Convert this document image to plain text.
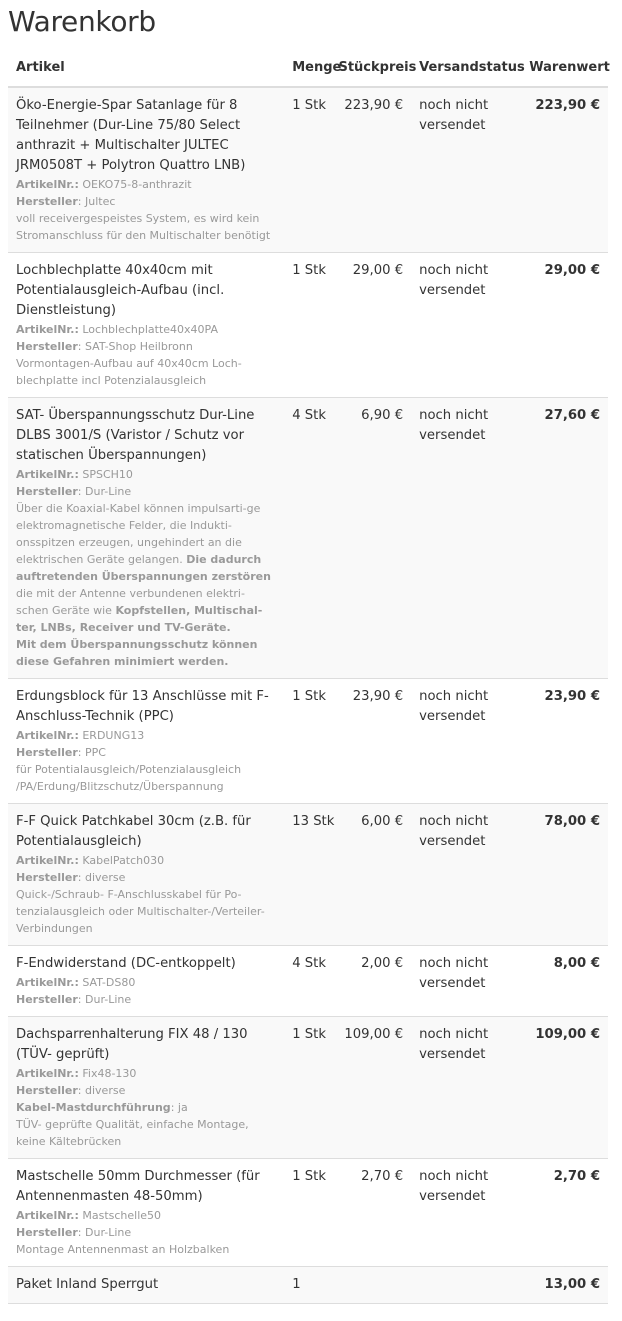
Warenkorb
Artikel	Menge	Stückpreis	Versandstatus	Warenwert

Öko-Energie-Spar Satanlage für 8 Teilnehmer (Dur-Line 75/80 Select anthrazit + Multischalter JULTEC JRM0508T + Polytron Quattro LNB)
ArtikelNr.: OEKO75-8-anthrazit
Hersteller: Jultec
voll receivergespeistes System, es wird kein Stromanschluss für den Multischalter benötigt	1 Stk	223,90 €	noch nicht versendet	223,90 €

Lochblechplatte 40x40cm mit Potentialausgleich-Aufbau (incl. Dienstleistung)
ArtikelNr.: Lochblechplatte40x40PA
Hersteller: SAT-Shop Heilbronn
Vormontagen-Aufbau auf 40x40cm Loch-blechplatte incl Potenzialausgleich	1 Stk	29,00 €	noch nicht versendet	29,00 €

SAT- Überspannungsschutz Dur-Line DLBS 3001/S (Varistor / Schutz vor statischen Überspannungen)
ArtikelNr.: SPSCH10
Hersteller: Dur-Line
Über die Koaxial-Kabel können impulsarti-ge elektromagnetische Felder, die Indukti-onsspitzen erzeugen, ungehindert an die elektrischen Geräte gelangen. Die dadurch auftretenden Überspannungen zerstören die mit der Antenne verbundenen elektri-schen Geräte wie Kopfstellen, Multischal-ter, LNBs, Receiver und TV-Geräte.
Mit dem Überspannungsschutz können diese Gefahren minimiert werden.	4 Stk	6,90 €	noch nicht versendet	27,60 €

Erdungsblock für 13 Anschlüsse mit F-Anschluss-Technik (PPC)
ArtikelNr.: ERDUNG13
Hersteller: PPC
für Potentialausgleich/Potenzialausgleich /PA/Erdung/Blitzschutz/Überspannung	1 Stk	23,90 €	noch nicht versendet	23,90 €

F-F Quick Patchkabel 30cm (z.B. für Potentialausgleich)
ArtikelNr.: KabelPatch030
Hersteller: diverse
Quick-/Schraub- F-Anschlusskabel für Po-tenzialausgleich oder Multischalter-/Verteiler-Verbindungen	13 Stk	6,00 €	noch nicht versendet	78,00 €

F-Endwiderstand (DC-entkoppelt)
ArtikelNr.: SAT-DS80
Hersteller: Dur-Line	4 Stk	2,00 €	noch nicht versendet	8,00 €

Dachsparrenhalterung FIX 48 / 130 (TÜV- geprüft)
ArtikelNr.: Fix48-130
Hersteller: diverse
Kabel-Mastdurchführung: ja
TÜV- geprüfte Qualität, einfache Montage, keine Kältebrücken	1 Stk	109,00 €	noch nicht versendet	109,00 €

Mastschelle 50mm Durchmesser (für Antennenmasten 48-50mm)
ArtikelNr.: Mastschelle50
Hersteller: Dur-Line
Montage Antennenmast an Holzbalken	1 Stk	2,70 €	noch nicht versendet	2,70 €
Paket Inland Sperrgut	1			13,00 €
